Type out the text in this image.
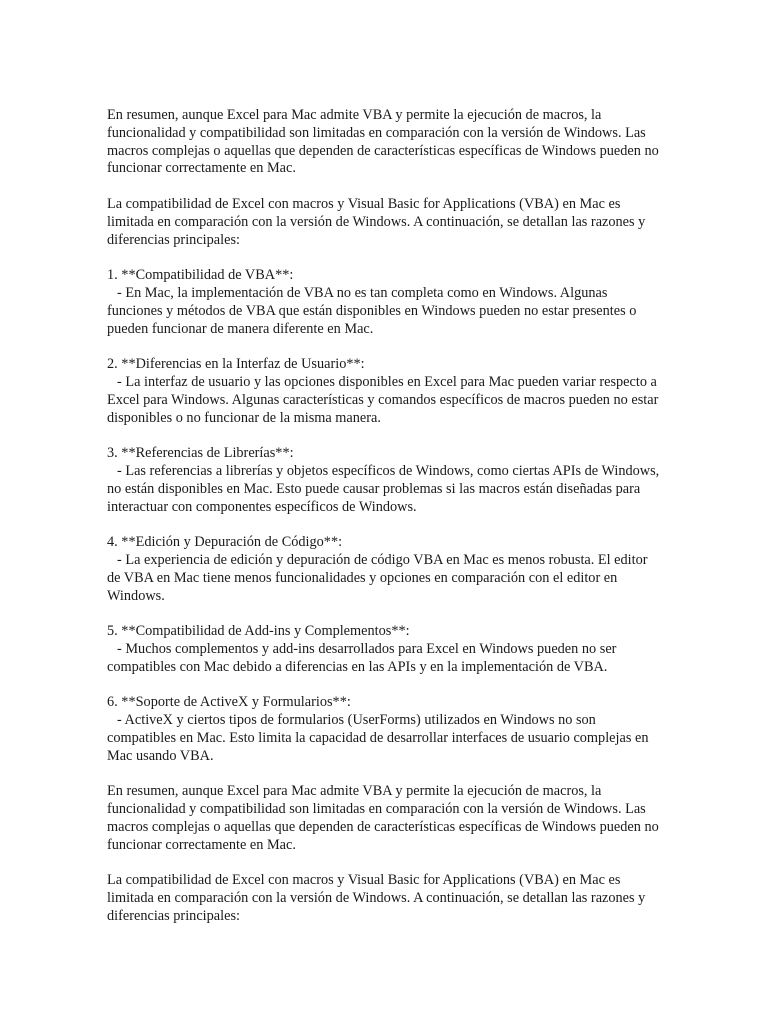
En resumen, aunque Excel para Mac admite VBA y permite la ejecución de macros, la funcionalidad y compatibilidad son limitadas en comparación con la versión de Windows. Las macros complejas o aquellas que dependen de características específicas de Windows pueden no funcionar correctamente en Mac.

La compatibilidad de Excel con macros y Visual Basic for Applications (VBA) en Mac es limitada en comparación con la versión de Windows. A continuación, se detallan las razones y diferencias principales:

1. **Compatibilidad de VBA**:
- En Mac, la implementación de VBA no es tan completa como en Windows. Algunas funciones y métodos de VBA que están disponibles en Windows pueden no estar presentes o pueden funcionar de manera diferente en Mac.
2. **Diferencias en la Interfaz de Usuario**:
- La interfaz de usuario y las opciones disponibles en Excel para Mac pueden variar respecto a Excel para Windows. Algunas características y comandos específicos de macros pueden no estar disponibles o no funcionar de la misma manera.
3. **Referencias de Librerías**:
- Las referencias a librerías y objetos específicos de Windows, como ciertas APIs de Windows, no están disponibles en Mac. Esto puede causar problemas si las macros están diseñadas para interactuar con componentes específicos de Windows.
4. **Edición y Depuración de Código**:
- La experiencia de edición y depuración de código VBA en Mac es menos robusta. El editor de VBA en Mac tiene menos funcionalidades y opciones en comparación con el editor en Windows.
5. **Compatibilidad de Add-ins y Complementos**:
- Muchos complementos y add-ins desarrollados para Excel en Windows pueden no ser compatibles con Mac debido a diferencias en las APIs y en la implementación de VBA.
6. **Soporte de ActiveX y Formularios**:
- ActiveX y ciertos tipos de formularios (UserForms) utilizados en Windows no son compatibles en Mac. Esto limita la capacidad de desarrollar interfaces de usuario complejas en Mac usando VBA.

En resumen, aunque Excel para Mac admite VBA y permite la ejecución de macros, la funcionalidad y compatibilidad son limitadas en comparación con la versión de Windows. Las macros complejas o aquellas que dependen de características específicas de Windows pueden no funcionar correctamente en Mac.

La compatibilidad de Excel con macros y Visual Basic for Applications (VBA) en Mac es limitada en comparación con la versión de Windows. A continuación, se detallan las razones y diferencias principales:
